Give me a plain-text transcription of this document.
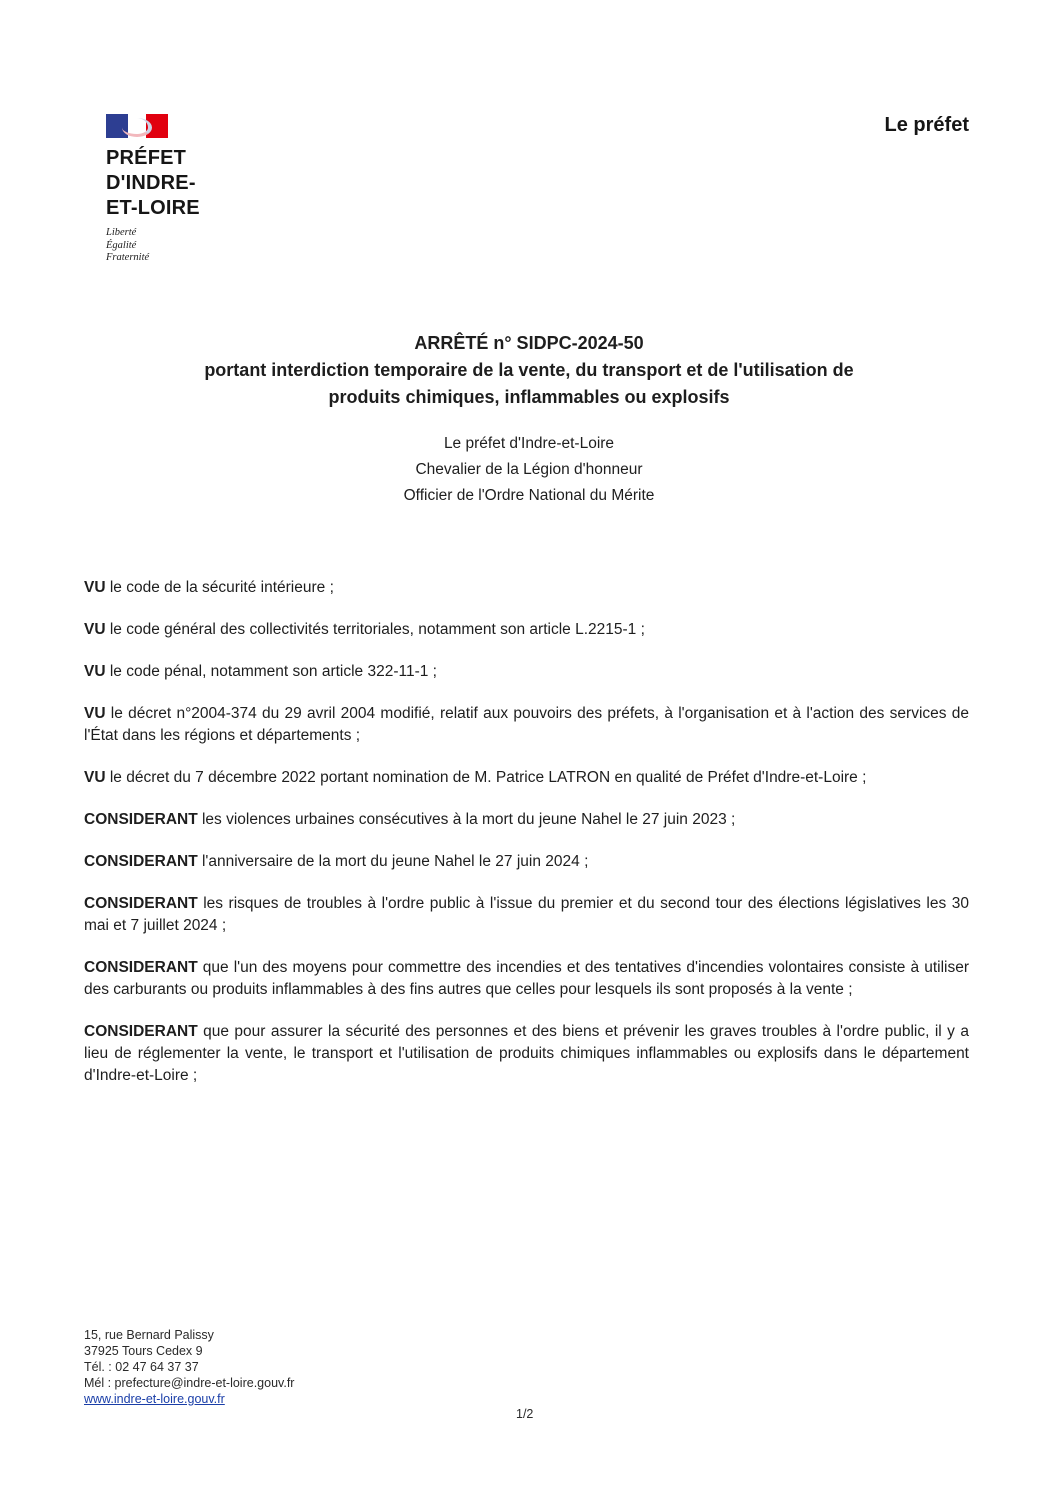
PRÉFET
D'INDRE-
ET-LOIRE
Liberté
Égalité
Fraternité
Le préfet
ARRÊTÉ n° SIDPC-2024-50
portant interdiction temporaire de la vente, du transport et de l'utilisation de
produits chimiques, inflammables ou explosifs
Le préfet d'Indre-et-Loire
Chevalier de la Légion d'honneur
Officier de l'Ordre National du Mérite

VU le code de la sécurité intérieure ;

VU le code général des collectivités territoriales, notamment son article L.2215-1 ;

VU le code pénal, notamment son article 322-11-1 ;

VU le décret n°2004-374 du 29 avril 2004 modifié, relatif aux pouvoirs des préfets, à l'organisation et à l'action des services de l'État dans les régions et départements ;

VU le décret du 7 décembre 2022 portant nomination de M. Patrice LATRON en qualité de Préfet d'Indre-et-Loire ;

CONSIDERANT les violences urbaines consécutives à la mort du jeune Nahel le 27 juin 2023 ;

CONSIDERANT l'anniversaire de la mort du jeune Nahel le 27 juin 2024 ;

CONSIDERANT les risques de troubles à l'ordre public à l'issue du premier et du second tour des élections législatives les 30 mai et 7 juillet 2024 ;

CONSIDERANT que l'un des moyens pour commettre des incendies et des tentatives d'incendies volontaires consiste à utiliser des carburants ou produits inflammables à des fins autres que celles pour lesquels ils sont proposés à la vente ;

CONSIDERANT que pour assurer la sécurité des personnes et des biens et prévenir les graves troubles à l'ordre public, il y a lieu de réglementer la vente, le transport et l'utilisation de produits chimiques inflammables ou explosifs dans le département d'Indre-et-Loire ;

15, rue Bernard Palissy
37925 Tours Cedex 9
Tél. : 02 47 64 37 37
Mél : prefecture@indre-et-loire.gouv.fr
www.indre-et-loire.gouv.fr
1/2
